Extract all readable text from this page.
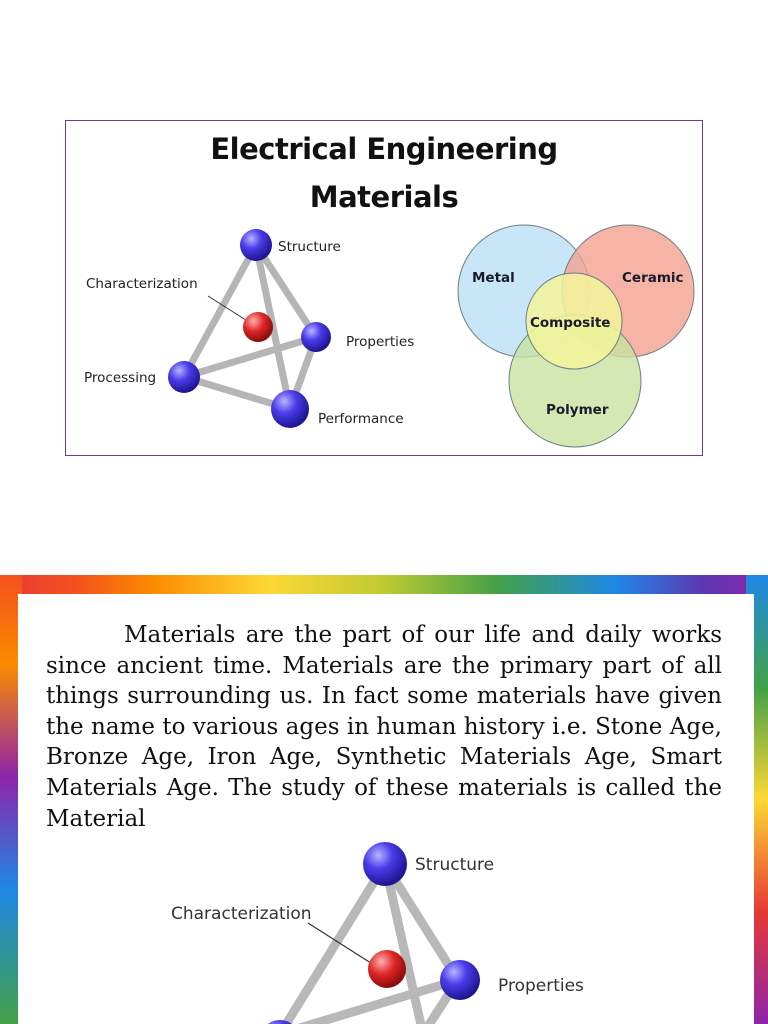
Structure
Characterization
Properties
Processing
Performance
Metal	Ceramic
Composite
Polymer
Electrical Engineering
Materials

Materials are the part of our life and daily works since ancient time. Materials are the primary part of all things surrounding us. In fact some materials have given the name to various ages in human history i.e. Stone Age, Bronze Age, Iron Age, Synthetic Materials Age, Smart Materials Age. The study of these materials is called the Material

Structure
Characterization
Properties
